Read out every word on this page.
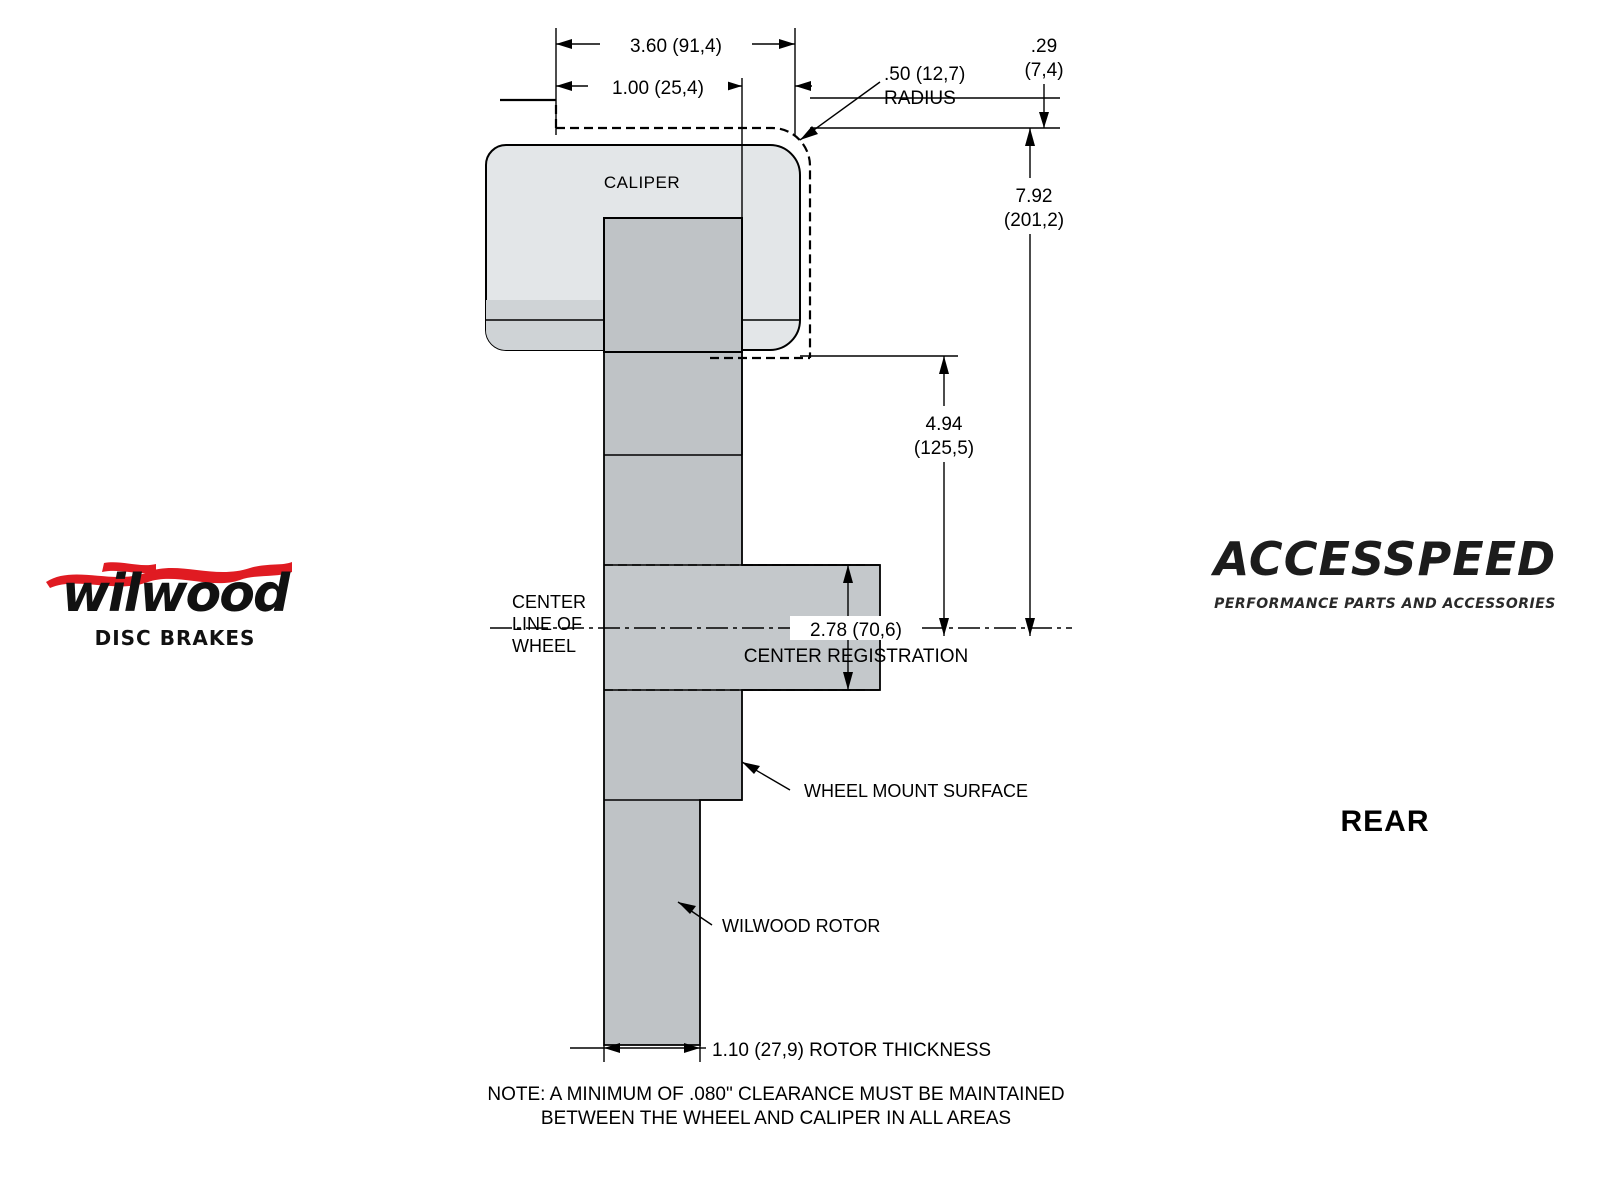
wilwood
DISC BRAKES
ACCESSPEED
PERFORMANCE PARTS AND ACCESSORIES
REAR
CALIPER
3.60 (91,4)
1.00 (25,4)
.50 (12,7)
RADIUS
.29
(7,4)
7.92
(201,2)
4.94
(125,5)
CENTER
LINE OF
WHEEL
2.78 (70,6)
CENTER REGISTRATION
WHEEL MOUNT SURFACE
WILWOOD ROTOR
1.10 (27,9) ROTOR THICKNESS
NOTE: A MINIMUM OF .080" CLEARANCE MUST BE MAINTAINED
BETWEEN THE WHEEL AND CALIPER IN ALL AREAS
